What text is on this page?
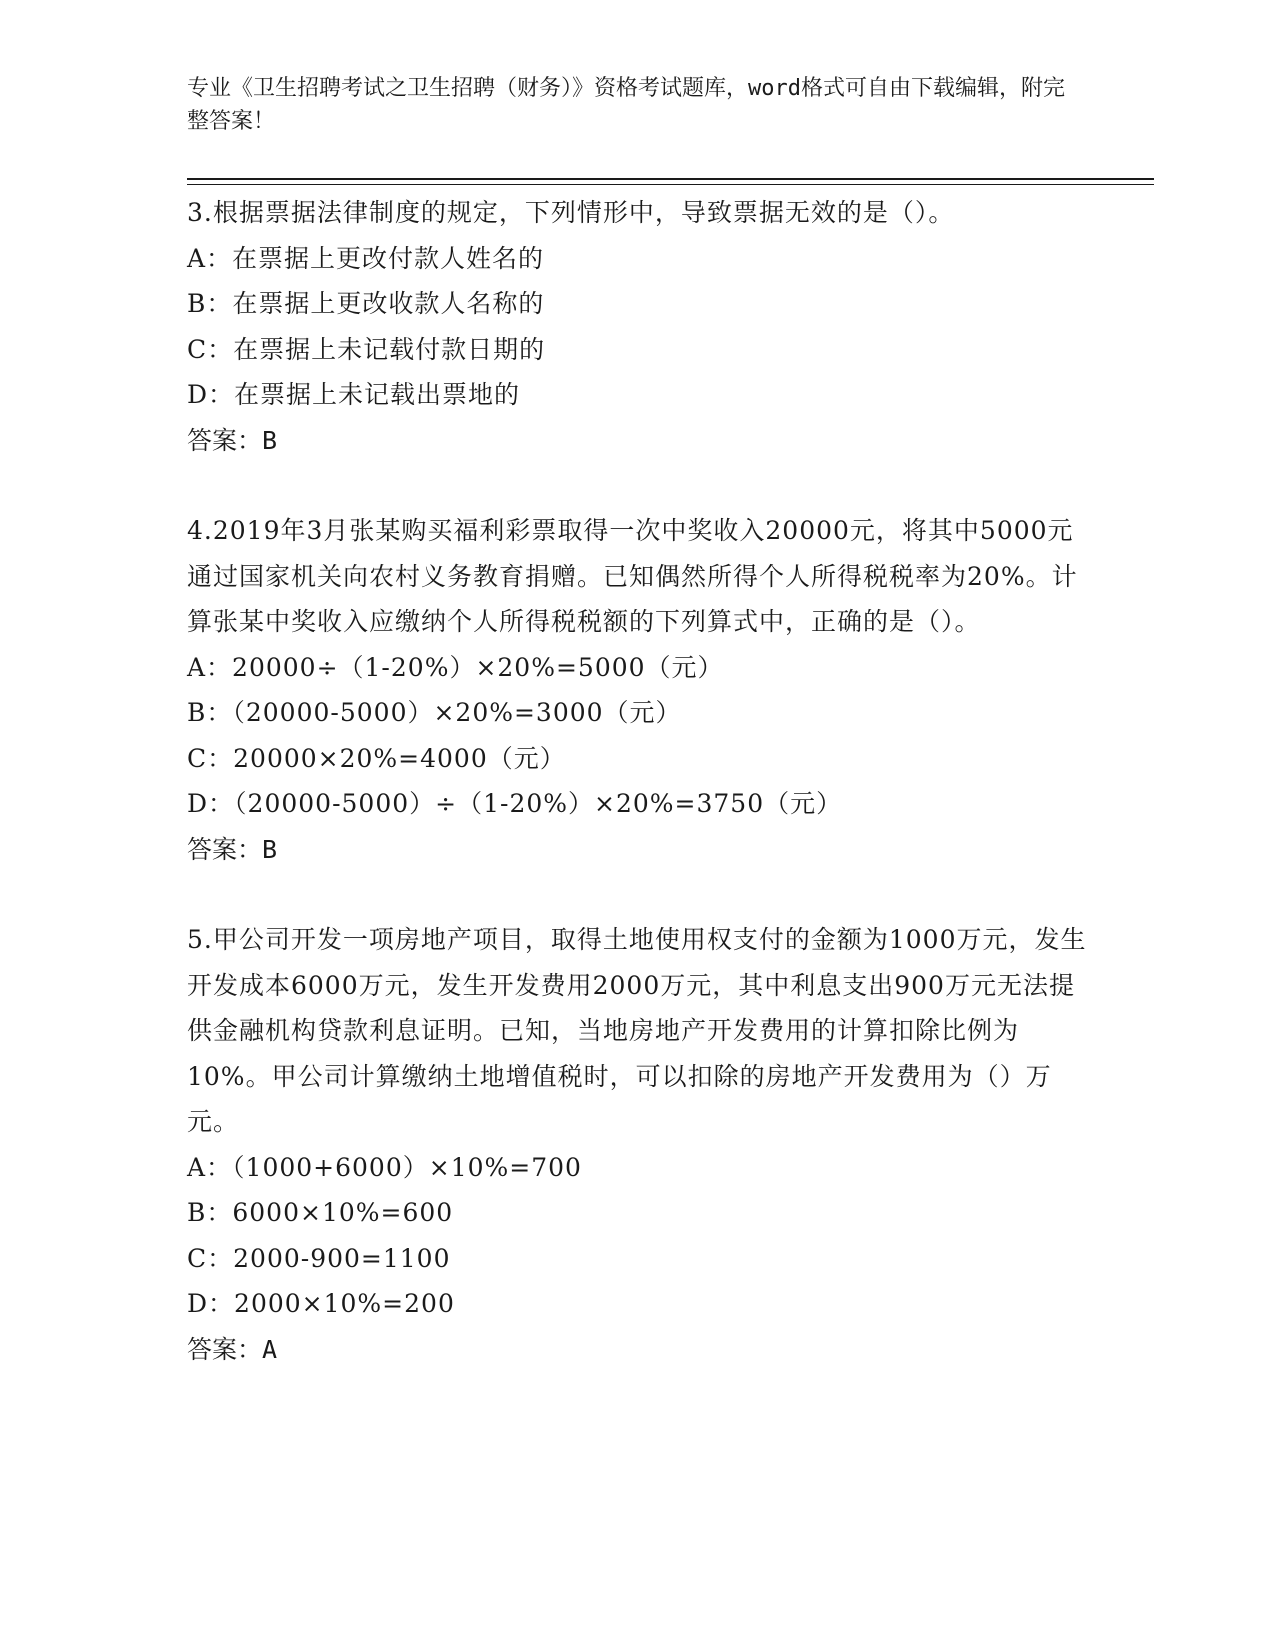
专业《卫生招聘考试之卫生招聘（财务）》资格考试题库，word格式可自由下载编辑，附完整答案！

3.根据票据法律制度的规定，下列情形中，导致票据无效的是（）。

A：在票据上更改付款人姓名的

B：在票据上更改收款人名称的

C：在票据上未记载付款日期的

D：在票据上未记载出票地的

答案：B

4.2019年3月张某购买福利彩票取得一次中奖收入20000元，将其中5000元通过国家机关向农村义务教育捐赠。已知偶然所得个人所得税税率为20%。计算张某中奖收入应缴纳个人所得税税额的下列算式中，正确的是（）。

A：20000÷（1-20%）×20%=5000（元）

B：（20000-5000）×20%=3000（元）

C：20000×20%=4000（元）

D：（20000-5000）÷（1-20%）×20%=3750（元）

答案：B

5.甲公司开发一项房地产项目，取得土地使用权支付的金额为1000万元，发生开发成本6000万元，发生开发费用2000万元，其中利息支出900万元无法提供金融机构贷款利息证明。已知，当地房地产开发费用的计算扣除比例为10%。甲公司计算缴纳土地增值税时，可以扣除的房地产开发费用为（）万元。

A：（1000+6000）×10%=700

B：6000×10%=600

C：2000-900=1100

D：2000×10%=200

答案：A
